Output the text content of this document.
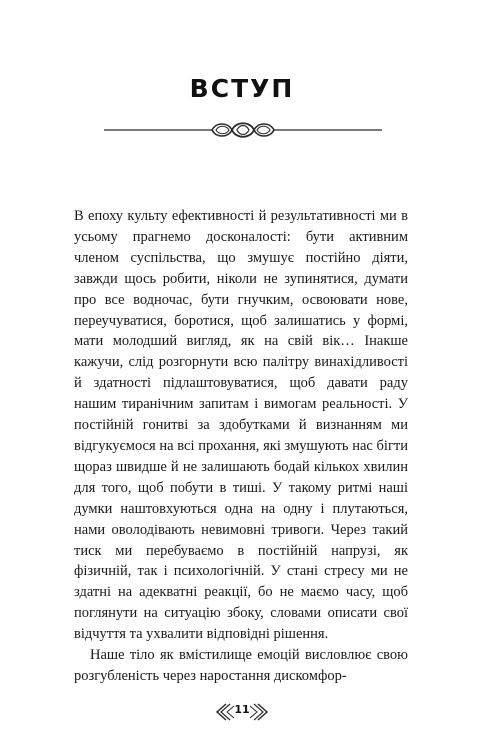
ВСТУП

В епоху культу ефективності й результативності ми в усьому прагнемо досконалості: бути активним членом суспільства, що змушує постійно діяти, завжди щось робити, ніколи не зупинятися, думати про все водночас, бути гнучким, освоювати нове, переучуватися, боротися, щоб залишатись у формі, мати молодший вигляд, як на свій вік… Інакше кажучи, слід розгорнути всю палітру винахідливості й здатності підлаштовуватися, щоб давати раду нашим тиранічним запитам і вимогам реальності. У постійній гонитві за здобутками й визнанням ми відгукуємося на всі прохання, які змушують нас бігти щораз швидше й не залишають бодай кількох хвилин для того, щоб побути в тиші. У такому ритмі наші думки наштовхуються одна на одну і плутаються, нами оволодівають невимовні тривоги. Через такий тиск ми перебуваємо в постійній напрузі, як фізичній, так і психологічній. У стані стресу ми не здатні на адекватні реакції, бо не маємо часу, щоб поглянути на ситуацію збоку, словами описати свої відчуття та ухвалити відповідні рішення.

Наше тіло як вмістилище емоцій висловлює свою розгубленість через наростання дискомфор-

11
